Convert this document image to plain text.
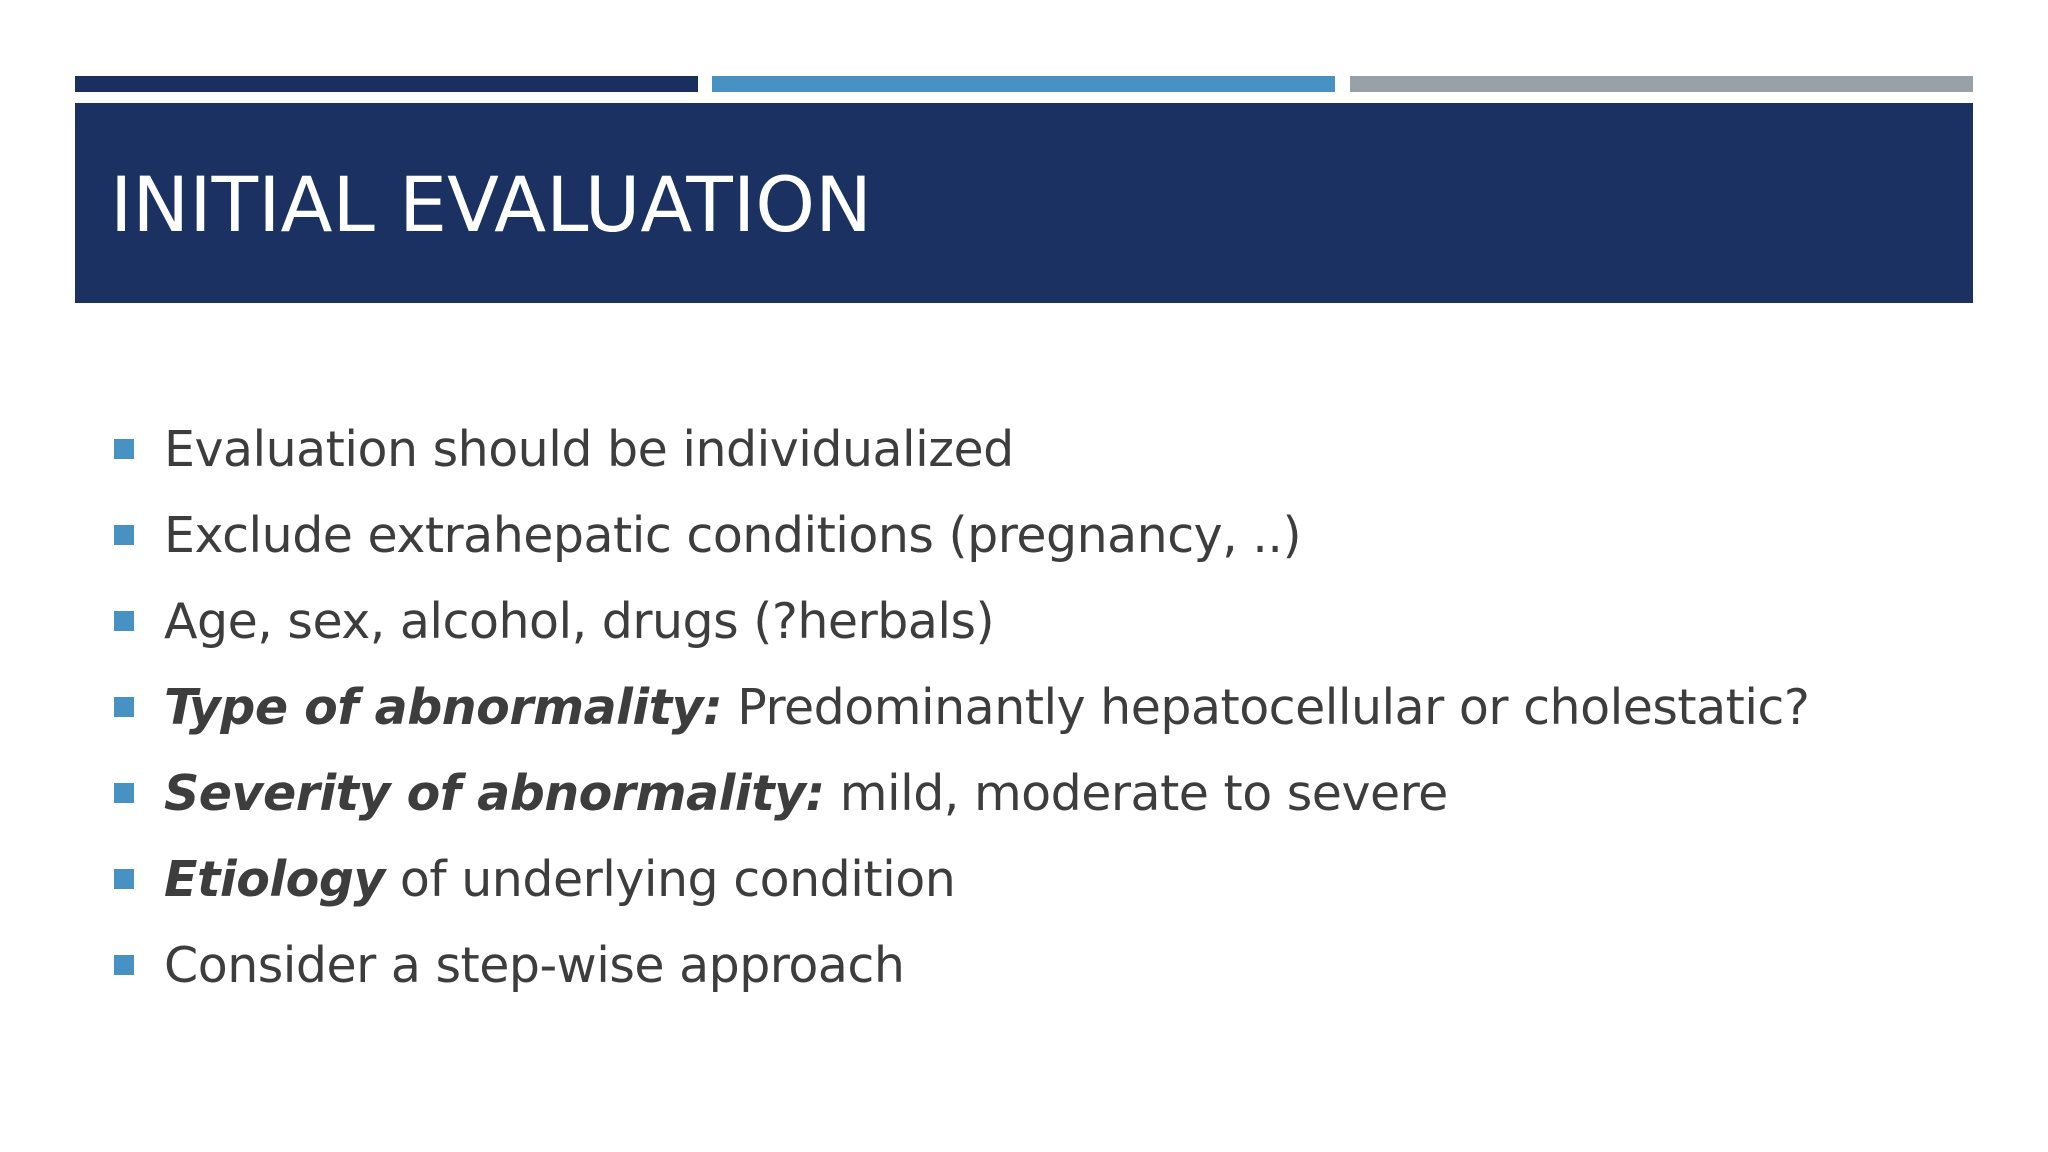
INITIAL EVALUATION
Evaluation should be individualized
Exclude extrahepatic conditions (pregnancy, ..)
Age, sex, alcohol, drugs (?herbals)
Type of abnormality: Predominantly hepatocellular or cholestatic?
Severity of abnormality: mild, moderate to severe
Etiology of underlying condition
Consider a step-wise approach
